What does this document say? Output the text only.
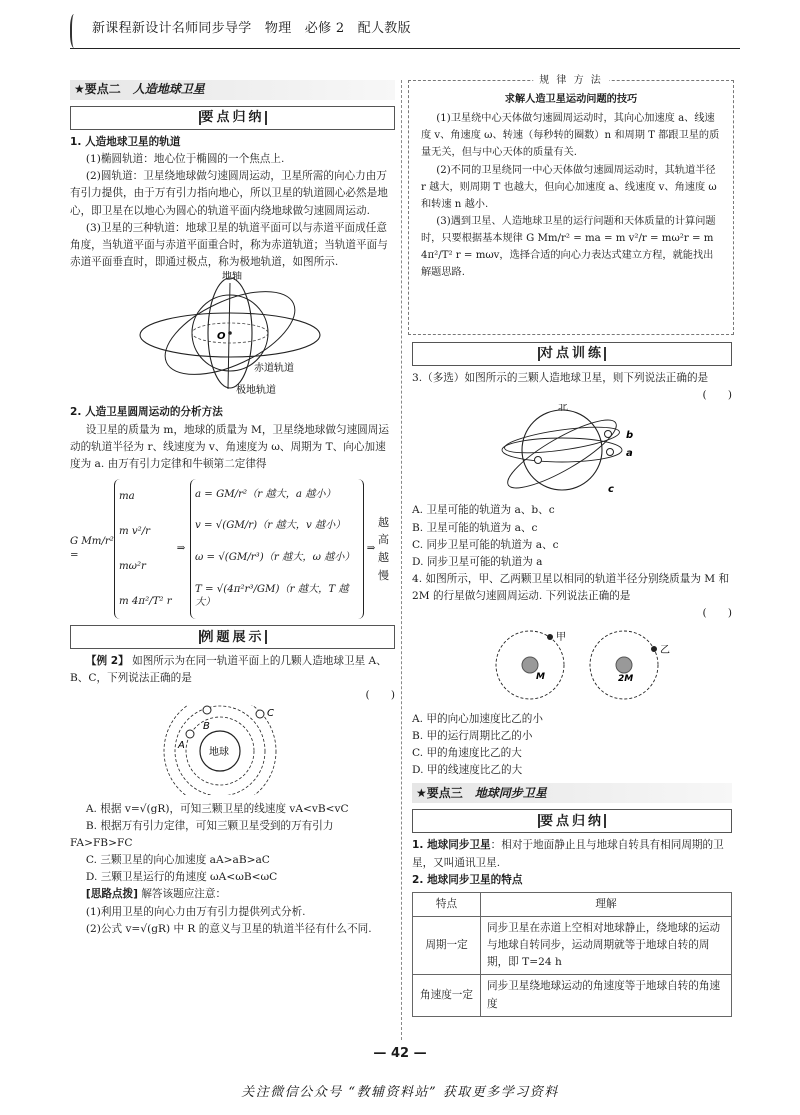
新课程新设计名师同步导学　物理　必修 2　配人教版
★要点二 人造地球卫星
要点归纳
1. 人造地球卫星的轨道
(1)椭圆轨道：地心位于椭圆的一个焦点上.
(2)圆轨道：卫星绕地球做匀速圆周运动，卫星所需的向心力由万有引力提供，由于万有引力指向地心，所以卫星的轨道圆心必然是地心，即卫星在以地心为圆心的轨道平面内绕地球做匀速圆周运动.
(3)卫星的三种轨道：地球卫星的轨道平面可以与赤道平面成任意角度，当轨道平面与赤道平面重合时，称为赤道轨道；当轨道平面与赤道平面垂直时，即通过极点，称为极地轨道，如图所示.
地轴
O
赤道轨道
极地轨道
2. 人造卫星圆周运动的分析方法
设卫星的质量为 m，地球的质量为 M，卫星绕地球做匀速圆周运动的轨道半径为 r、线速度为 v、角速度为 ω、周期为 T、向心加速度为 a. 由万有引力定律和牛顿第二定律得
G Mm/r² =
ma
m v²/r
mω²r
m 4π²/T² r
⇒
a = GM/r²（r 越大，a 越小）
v = √(GM/r)（r 越大，v 越小）
ω = √(GM/r³)（r 越大，ω 越小）
T = √(4π²r³/GM)（r 越大，T 越大）
⇒
越高越慢
例题展示
【例 2】 如图所示为在同一轨道平面上的几颗人造地球卫星 A、B、C，下列说法正确的是
(　　)
地球
A
B
C
A. 根据 v=√(gR)，可知三颗卫星的线速度 vA<vB<vC
B. 根据万有引力定律，可知三颗卫星受到的万有引力 FA>FB>FC
C. 三颗卫星的向心加速度 aA>aB>aC
D. 三颗卫星运行的角速度 ωA<ωB<ωC
[思路点拨] 解答该题应注意：
(1)利用卫星的向心力由万有引力提供列式分析.
(2)公式 v=√(gR) 中 R 的意义与卫星的轨道半径有什么不同.
规 律 方 法
求解人造卫星运动问题的技巧
(1)卫星绕中心天体做匀速圆周运动时，其向心加速度 a、线速度 v、角速度 ω、转速（每秒转的圈数）n 和周期 T 都跟卫星的质量无关，但与中心天体的质量有关.
(2)不同的卫星绕同一中心天体做匀速圆周运动时，其轨道半径 r 越大，则周期 T 也越大，但向心加速度 a、线速度 v、角速度 ω 和转速 n 越小.
(3)遇到卫星、人造地球卫星的运行问题和天体质量的计算问题时，只要根据基本规律 G Mm/r² = ma = m v²/r = mω²r = m 4π²/T² r = mωv，选择合适的向心力表达式建立方程，就能找出解题思路.
对点训练
3.（多选）如图所示的三颗人造地球卫星，则下列说法正确的是
(　　)
北
b
a
c
A. 卫星可能的轨道为 a、b、c
B. 卫星可能的轨道为 a、c
C. 同步卫星可能的轨道为 a、c
D. 同步卫星可能的轨道为 a
4. 如图所示，甲、乙两颗卫星以相同的轨道半径分别绕质量为 M 和 2M 的行星做匀速圆周运动. 下列说法正确的是
(　　)
甲
M
乙
2M
A. 甲的向心加速度比乙的小
B. 甲的运行周期比乙的小
C. 甲的角速度比乙的大
D. 甲的线速度比乙的大
★要点三 地球同步卫星
要点归纳
1. 地球同步卫星：相对于地面静止且与地球自转具有相同周期的卫星，又叫通讯卫星.
2. 地球同步卫星的特点
特点	理解
周期一定	同步卫星在赤道上空相对地球静止，绕地球的运动与地球自转同步，运动周期就等于地球自转的周期，即 T=24 h
角速度一定	同步卫星绕地球运动的角速度等于地球自转的角速度
— 42 —
关注微信公众号 “教辅资料站” 获取更多学习资料
